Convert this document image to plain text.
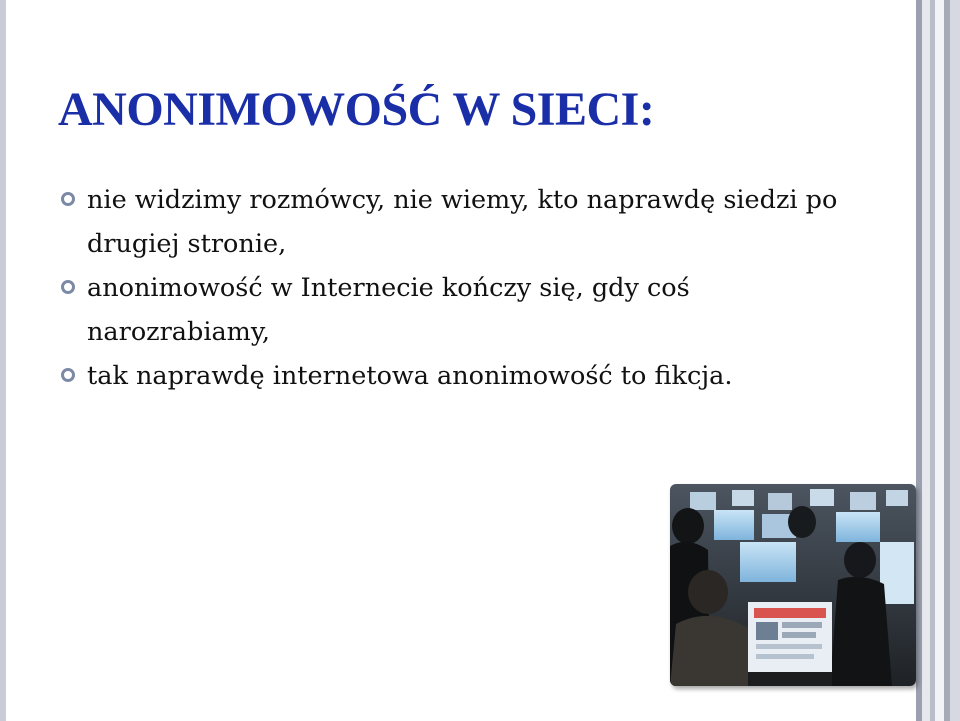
ANONIMOWOŚĆ W SIECI:
nie widzimy rozmówcy, nie wiemy, kto naprawdę siedzi po drugiej stronie,
anonimowość w Internecie kończy się, gdy coś narozrabiamy,
tak naprawdę internetowa anonimowość to fikcja.
